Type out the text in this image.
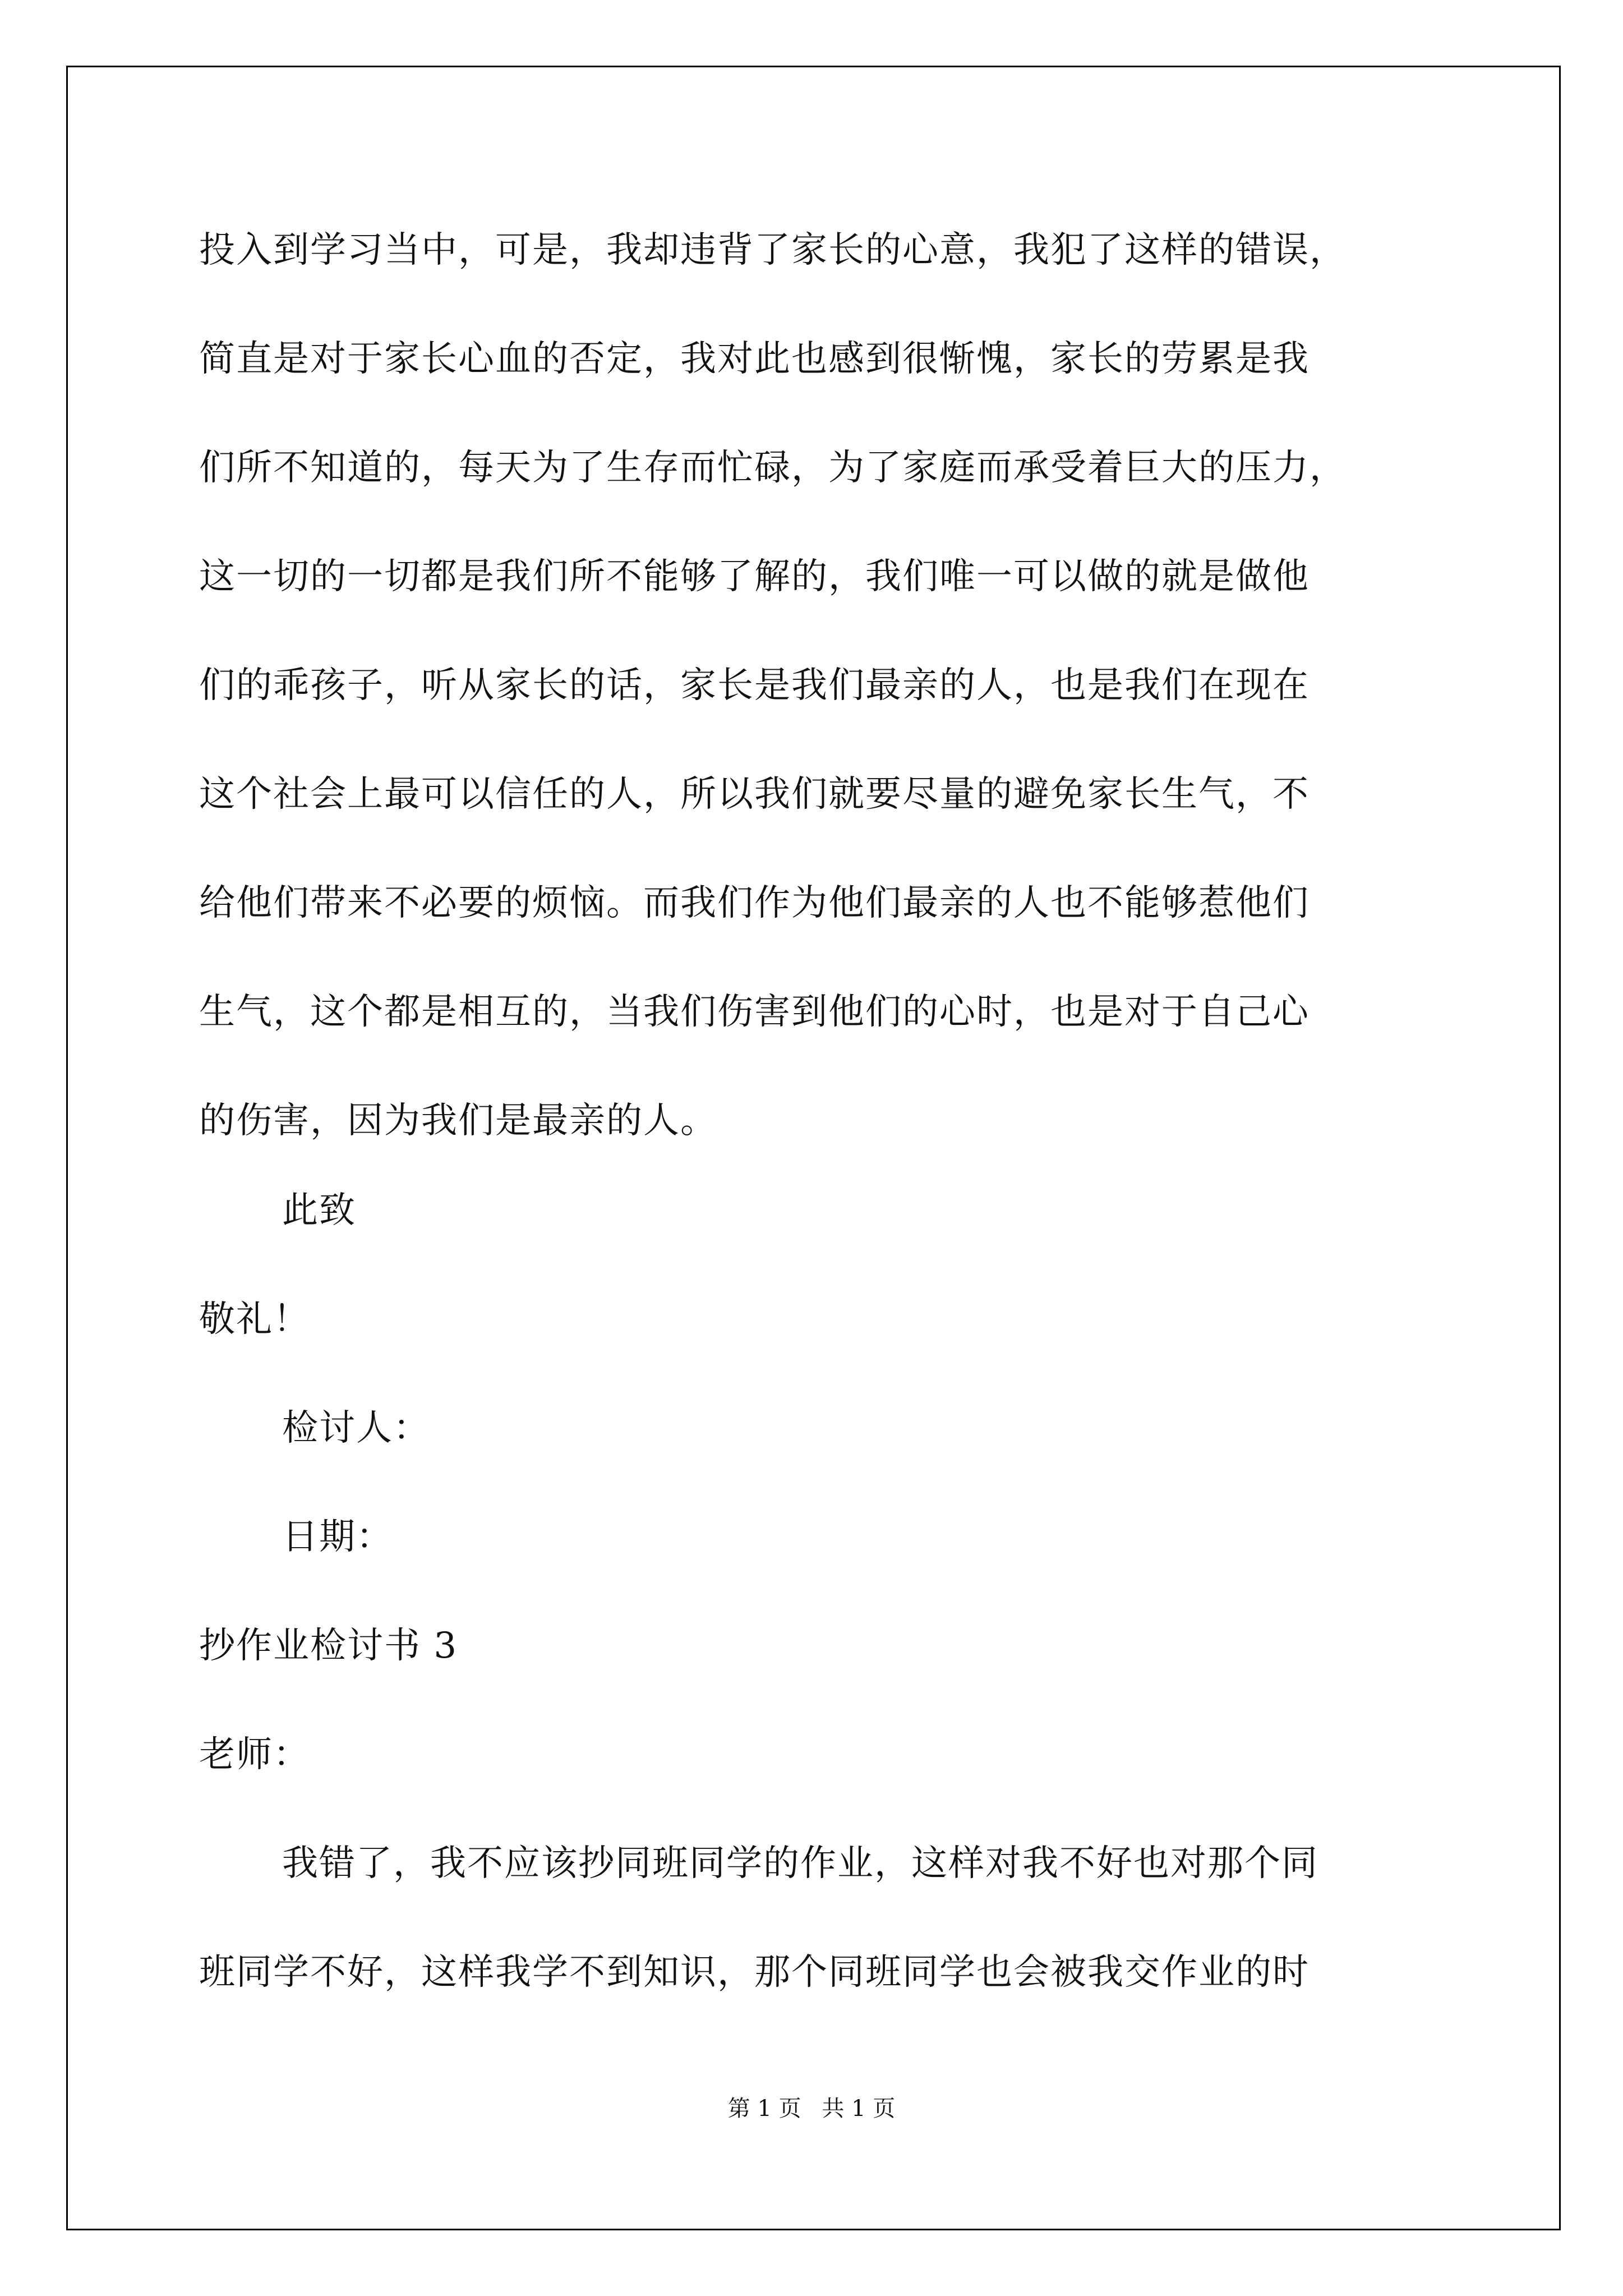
投入到学习当中，可是，我却违背了家长的心意，我犯了这样的错误，
简直是对于家长心血的否定，我对此也感到很惭愧，家长的劳累是我
们所不知道的，每天为了生存而忙碌，为了家庭而承受着巨大的压力，
这一切的一切都是我们所不能够了解的，我们唯一可以做的就是做他
们的乖孩子，听从家长的话，家长是我们最亲的人，也是我们在现在
这个社会上最可以信任的人，所以我们就要尽量的避免家长生气，不
给他们带来不必要的烦恼。而我们作为他们最亲的人也不能够惹他们
生气，这个都是相互的，当我们伤害到他们的心时，也是对于自己心
的伤害，因为我们是最亲的人。
此致
敬礼！
检讨人：
日期：
抄作业检讨书 3
老师：
我错了，我不应该抄同班同学的作业，这样对我不好也对那个同
班同学不好，这样我学不到知识，那个同班同学也会被我交作业的时
第 1 页 共 1 页
